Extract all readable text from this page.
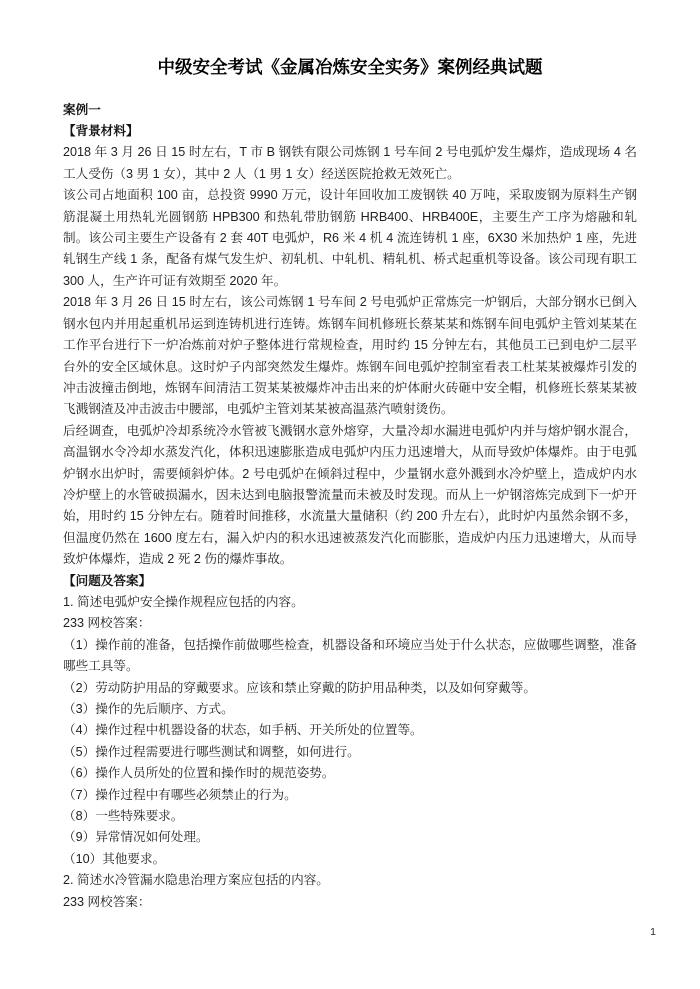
中级安全考试《金属冶炼安全实务》案例经典试题
案例一
【背景材料】

2018 年 3 月 26 日 15 时左右，T 市 B 钢铁有限公司炼钢 1 号车间 2 号电弧炉发生爆炸，造成现场 4 名工人受伤（3 男 1 女），其中 2 人（1 男 1 女）经送医院抢救无效死亡。

该公司占地面积 100 亩，总投资 9990 万元，设计年回收加工废钢铁 40 万吨，采取废钢为原料生产钢筋混凝土用热轧光圆钢筋 HPB300 和热轧带肋钢筋 HRB400、HRB400E，主要生产工序为熔融和轧制。该公司主要生产设备有 2 套 40T 电弧炉，R6 米 4 机 4 流连铸机 1 座，6X30 米加热炉 1 座，先进轧钢生产线 1 条，配备有煤气发生炉、初轧机、中轧机、精轧机、桥式起重机等设备。该公司现有职工 300 人，生产许可证有效期至 2020 年。

2018 年 3 月 26 日 15 时左右，该公司炼钢 1 号车间 2 号电弧炉正常炼完一炉钢后，大部分钢水已倒入钢水包内并用起重机吊运到连铸机进行连铸。炼钢车间机修班长蔡某某和炼钢车间电弧炉主管刘某某在工作平台进行下一炉冶炼前对炉子整体进行常规检查，用时约 15 分钟左右，其他员工已到电炉二层平台外的安全区域休息。这时炉子内部突然发生爆炸。炼钢车间电弧炉控制室看表工杜某某被爆炸引发的冲击波撞击倒地，炼钢车间清洁工贺某某被爆炸冲击出来的炉体耐火砖砸中安全帽，机修班长蔡某某被飞溅钢渣及冲击波击中腰部，电弧炉主管刘某某被高温蒸汽喷射烫伤。

后经调查，电弧炉冷却系统冷水管被飞溅钢水意外熔穿，大量冷却水漏进电弧炉内并与熔炉钢水混合，高温钢水令冷却水蒸发汽化，体积迅速膨胀造成电弧炉内压力迅速增大，从而导致炉体爆炸。由于电弧炉钢水出炉时，需要倾斜炉体。2 号电弧炉在倾斜过程中，少量钢水意外溅到水冷炉壁上，造成炉内水冷炉壁上的水管破损漏水，因未达到电脑报警流量而未被及时发现。而从上一炉钢溶炼完成到下一炉开始，用时约 15 分钟左右。随着时间推移，水流量大量储积（约 200 升左右），此时炉内虽然余钢不多，但温度仍然在 1600 度左右，漏入炉内的积水迅速被蒸发汽化而膨胀，造成炉内压力迅速增大，从而导致炉体爆炸，造成 2 死 2 伤的爆炸事故。

【问题及答案】

1. 简述电弧炉安全操作规程应包括的内容。

233 网校答案：

（1）操作前的准备，包括操作前做哪些检查，机器设备和环境应当处于什么状态，应做哪些调整，准备哪些工具等。

（2）劳动防护用品的穿戴要求。应该和禁止穿戴的防护用品种类，以及如何穿戴等。

（3）操作的先后顺序、方式。

（4）操作过程中机器设备的状态，如手柄、开关所处的位置等。

（5）操作过程需要进行哪些测试和调整，如何进行。

（6）操作人员所处的位置和操作时的规范姿势。

（7）操作过程中有哪些必须禁止的行为。

（8）一些特殊要求。

（9）异常情况如何处理。

（10）其他要求。

2. 简述水冷管漏水隐患治理方案应包括的内容。

233 网校答案：

1
